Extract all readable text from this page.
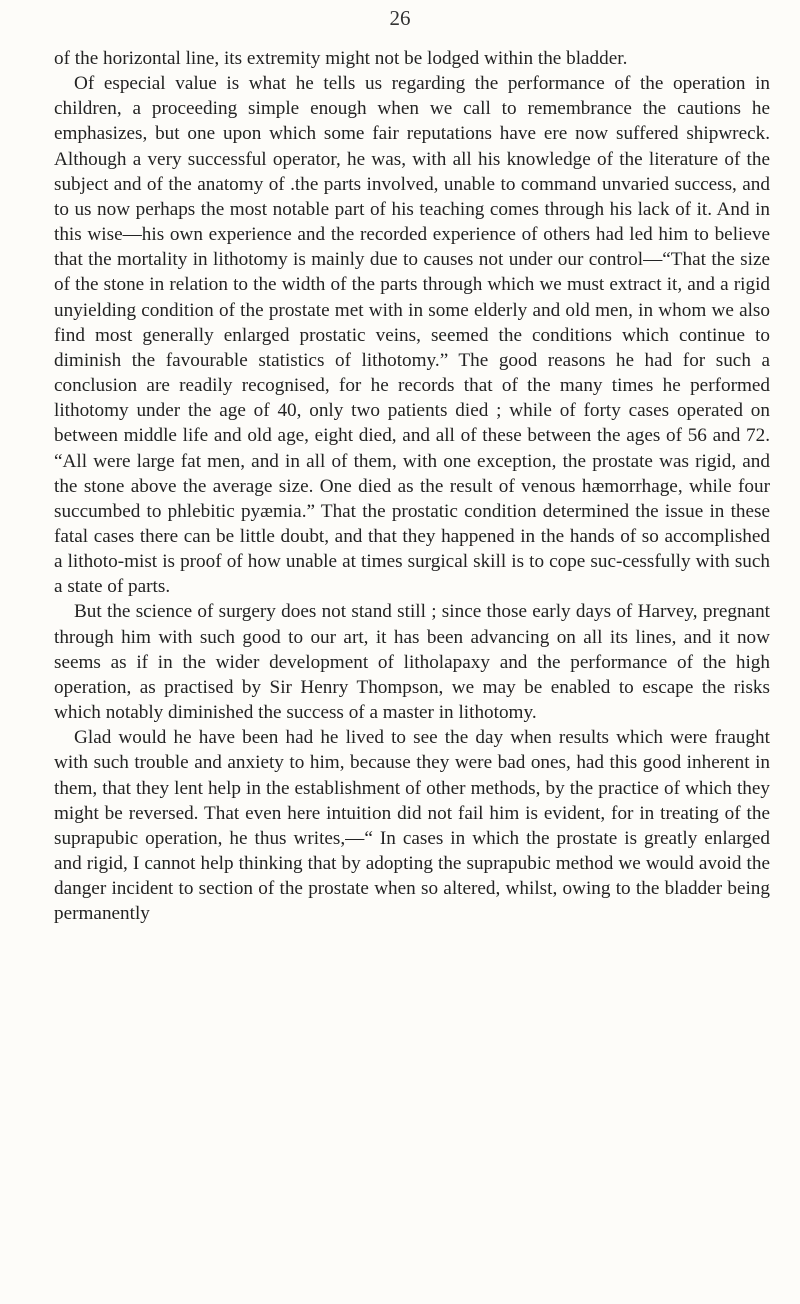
26

of the horizontal line, its extremity might not be lodged within the bladder.

Of especial value is what he tells us regarding the performance of the operation in children, a proceeding simple enough when we call to remembrance the cautions he emphasizes, but one upon which some fair reputations have ere now suffered shipwreck. Although a very successful operator, he was, with all his knowledge of the literature of the subject and of the anatomy of .the parts involved, unable to command unvaried success, and to us now perhaps the most notable part of his teaching comes through his lack of it. And in this wise—his own experience and the recorded experience of others had led him to believe that the mortality in lithotomy is mainly due to causes not under our control—“That the size of the stone in relation to the width of the parts through which we must extract it, and a rigid unyielding condition of the prostate met with in some elderly and old men, in whom we also find most generally enlarged prostatic veins, seemed the conditions which continue to diminish the favourable statistics of lithotomy.” The good reasons he had for such a conclusion are readily recognised, for he records that of the many times he performed lithotomy under the age of 40, only two patients died ; while of forty cases operated on between middle life and old age, eight died, and all of these between the ages of 56 and 72. “All were large fat men, and in all of them, with one exception, the prostate was rigid, and the stone above the average size. One died as the result of venous hæmorrhage, while four succumbed to phlebitic pyæmia.” That the prostatic condition determined the issue in these fatal cases there can be little doubt, and that they happened in the hands of so accomplished a lithoto-mist is proof of how unable at times surgical skill is to cope suc-cessfully with such a state of parts.

But the science of surgery does not stand still ; since those early days of Harvey, pregnant through him with such good to our art, it has been advancing on all its lines, and it now seems as if in the wider development of litholapaxy and the performance of the high operation, as practised by Sir Henry Thompson, we may be enabled to escape the risks which notably diminished the success of a master in lithotomy.

Glad would he have been had he lived to see the day when results which were fraught with such trouble and anxiety to him, because they were bad ones, had this good inherent in them, that they lent help in the establishment of other methods, by the practice of which they might be reversed. That even here intuition did not fail him is evident, for in treating of the suprapubic operation, he thus writes,—“ In cases in which the prostate is greatly enlarged and rigid, I cannot help thinking that by adopting the suprapubic method we would avoid the danger incident to section of the prostate when so altered, whilst, owing to the bladder being permanently
